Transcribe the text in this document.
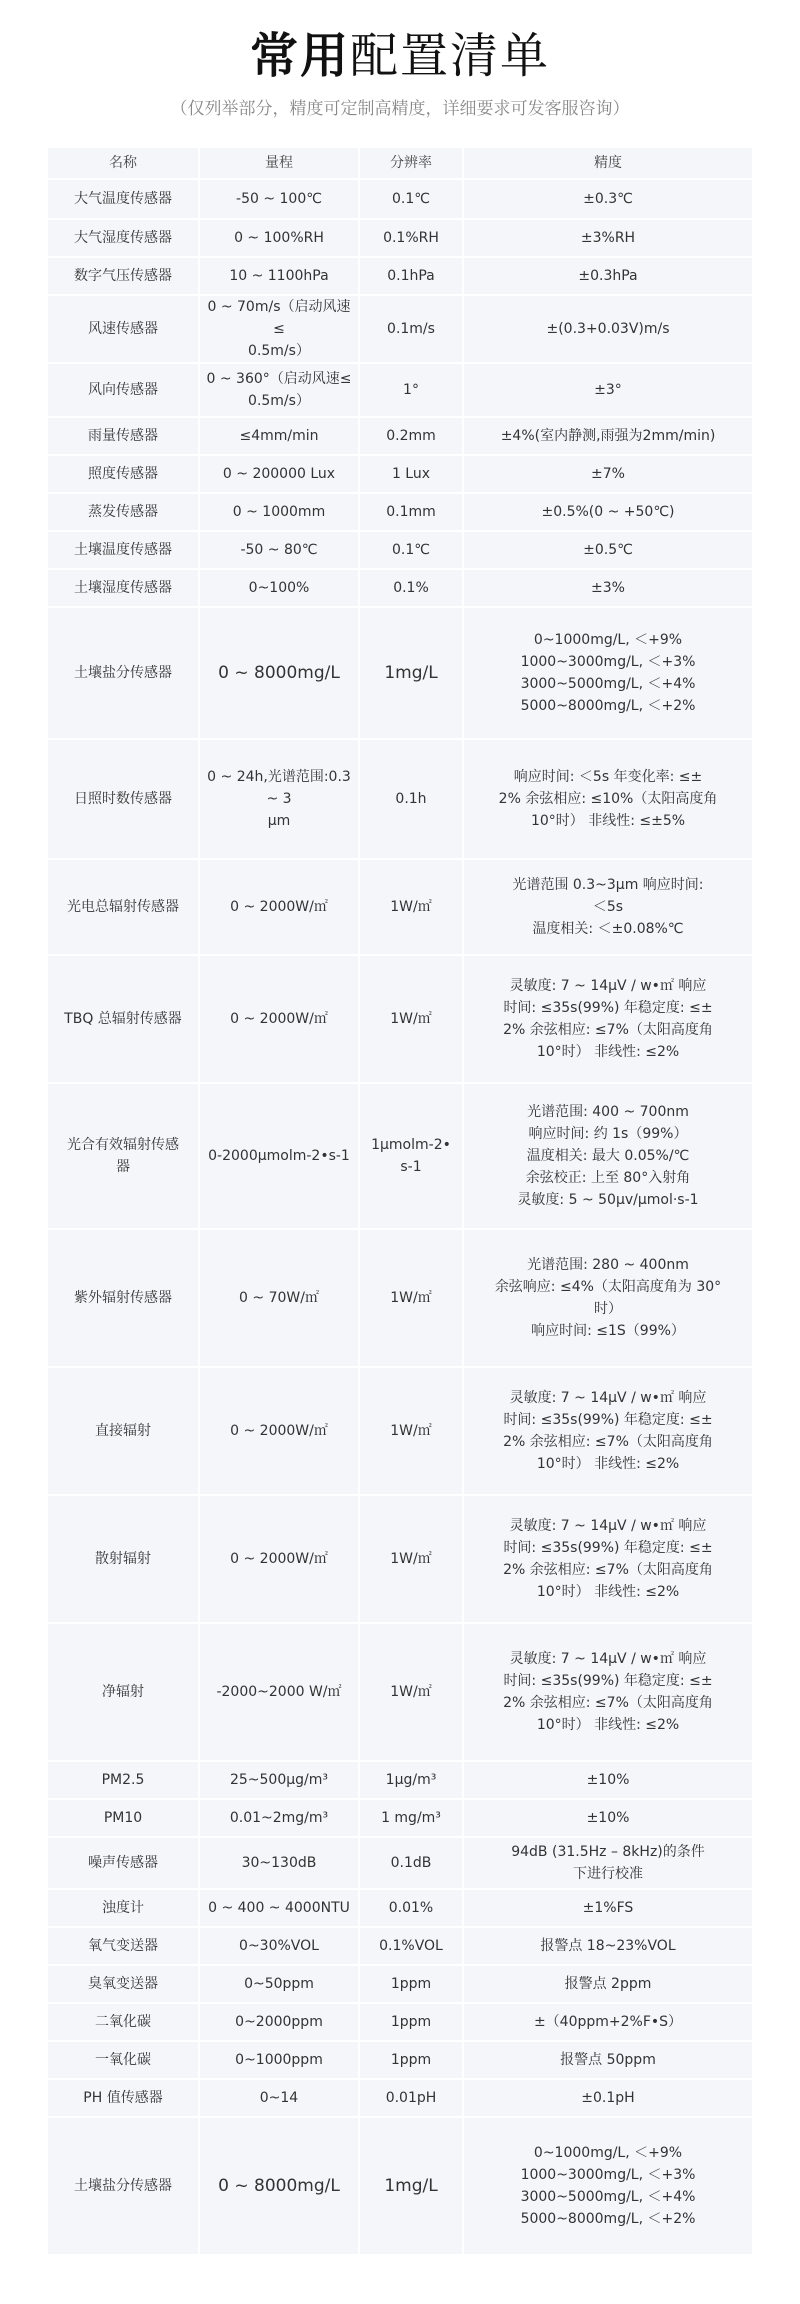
常用配置清单
（仅列举部分，精度可定制高精度，详细要求可发客服咨询）
名称	量程	分辨率	精度
大气温度传感器	-50 ~ 100℃	0.1℃	±0.3℃
大气湿度传感器	0 ~ 100%RH	0.1%RH	±3%RH
数字气压传感器	10 ~ 1100hPa	0.1hPa	±0.3hPa
风速传感器	0 ~ 70m/s（启动风速≤
0.5m/s）	0.1m/s	±(0.3+0.03V)m/s
风向传感器	0 ~ 360°（启动风速≤
0.5m/s）	1°	±3°
雨量传感器	≤4mm/min	0.2mm	±4%(室内静测,雨强为2mm/min)
照度传感器	0 ~ 200000 Lux	1 Lux	±7%
蒸发传感器	0 ~ 1000mm	0.1mm	±0.5%(0 ~ +50℃)
土壤温度传感器	-50 ~ 80℃	0.1℃	±0.5℃
土壤湿度传感器	0~100%	0.1%	±3%
土壤盐分传感器	0 ~ 8000mg/L	1mg/L	0~1000mg/L, ＜+9%
1000~3000mg/L, ＜+3%
3000~5000mg/L, ＜+4%
5000~8000mg/L, ＜+2%
日照时数传感器	0 ~ 24h,光谱范围:0.3 ~ 3
μm	0.1h	响应时间: ＜5s 年变化率: ≤±
2% 余弦相应: ≤10%（太阳高度角
10°时） 非线性: ≤±5%
光电总辐射传感器	0 ~ 2000W/㎡	1W/㎡	光谱范围 0.3~3μm 响应时间:
＜5s
温度相关: ＜±0.08%℃
TBQ 总辐射传感器	0 ~ 2000W/㎡	1W/㎡	灵敏度: 7 ~ 14μV / w•㎡ 响应
时间: ≤35s(99%) 年稳定度: ≤±
2% 余弦相应: ≤7%（太阳高度角
10°时） 非线性: ≤2%
光合有效辐射传感
器	0-2000μmolm-2•s-1	1μmolm-2•
s-1	光谱范围: 400 ~ 700nm
响应时间: 约 1s（99%）
温度相关: 最大 0.05%/℃
余弦校正: 上至 80°入射角
灵敏度: 5 ~ 50μv/μmol·s-1
紫外辐射传感器	0 ~ 70W/㎡	1W/㎡	光谱范围: 280 ~ 400nm
余弦响应: ≤4%（太阳高度角为 30°
时）
响应时间: ≤1S（99%）
直接辐射	0 ~ 2000W/㎡	1W/㎡	灵敏度: 7 ~ 14μV / w•㎡ 响应
时间: ≤35s(99%) 年稳定度: ≤±
2% 余弦相应: ≤7%（太阳高度角
10°时） 非线性: ≤2%
散射辐射	0 ~ 2000W/㎡	1W/㎡	灵敏度: 7 ~ 14μV / w•㎡ 响应
时间: ≤35s(99%) 年稳定度: ≤±
2% 余弦相应: ≤7%（太阳高度角
10°时） 非线性: ≤2%
净辐射	-2000~2000 W/㎡	1W/㎡	灵敏度: 7 ~ 14μV / w•㎡ 响应
时间: ≤35s(99%) 年稳定度: ≤±
2% 余弦相应: ≤7%（太阳高度角
10°时） 非线性: ≤2%
PM2.5	25~500μg/m³	1μg/m³	±10%
PM10	0.01~2mg/m³	1 mg/m³	±10%
噪声传感器	30~130dB	0.1dB	94dB (31.5Hz – 8kHz)的条件
下进行校准
浊度计	0 ~ 400 ~ 4000NTU	0.01%	±1%FS
氧气变送器	0~30%VOL	0.1%VOL	报警点 18~23%VOL
臭氧变送器	0~50ppm	1ppm	报警点 2ppm
二氧化碳	0~2000ppm	1ppm	±（40ppm+2%F•S）
一氧化碳	0~1000ppm	1ppm	报警点 50ppm
PH 值传感器	0~14	0.01pH	±0.1pH
土壤盐分传感器	0 ~ 8000mg/L	1mg/L	0~1000mg/L, ＜+9%
1000~3000mg/L, ＜+3%
3000~5000mg/L, ＜+4%
5000~8000mg/L, ＜+2%
